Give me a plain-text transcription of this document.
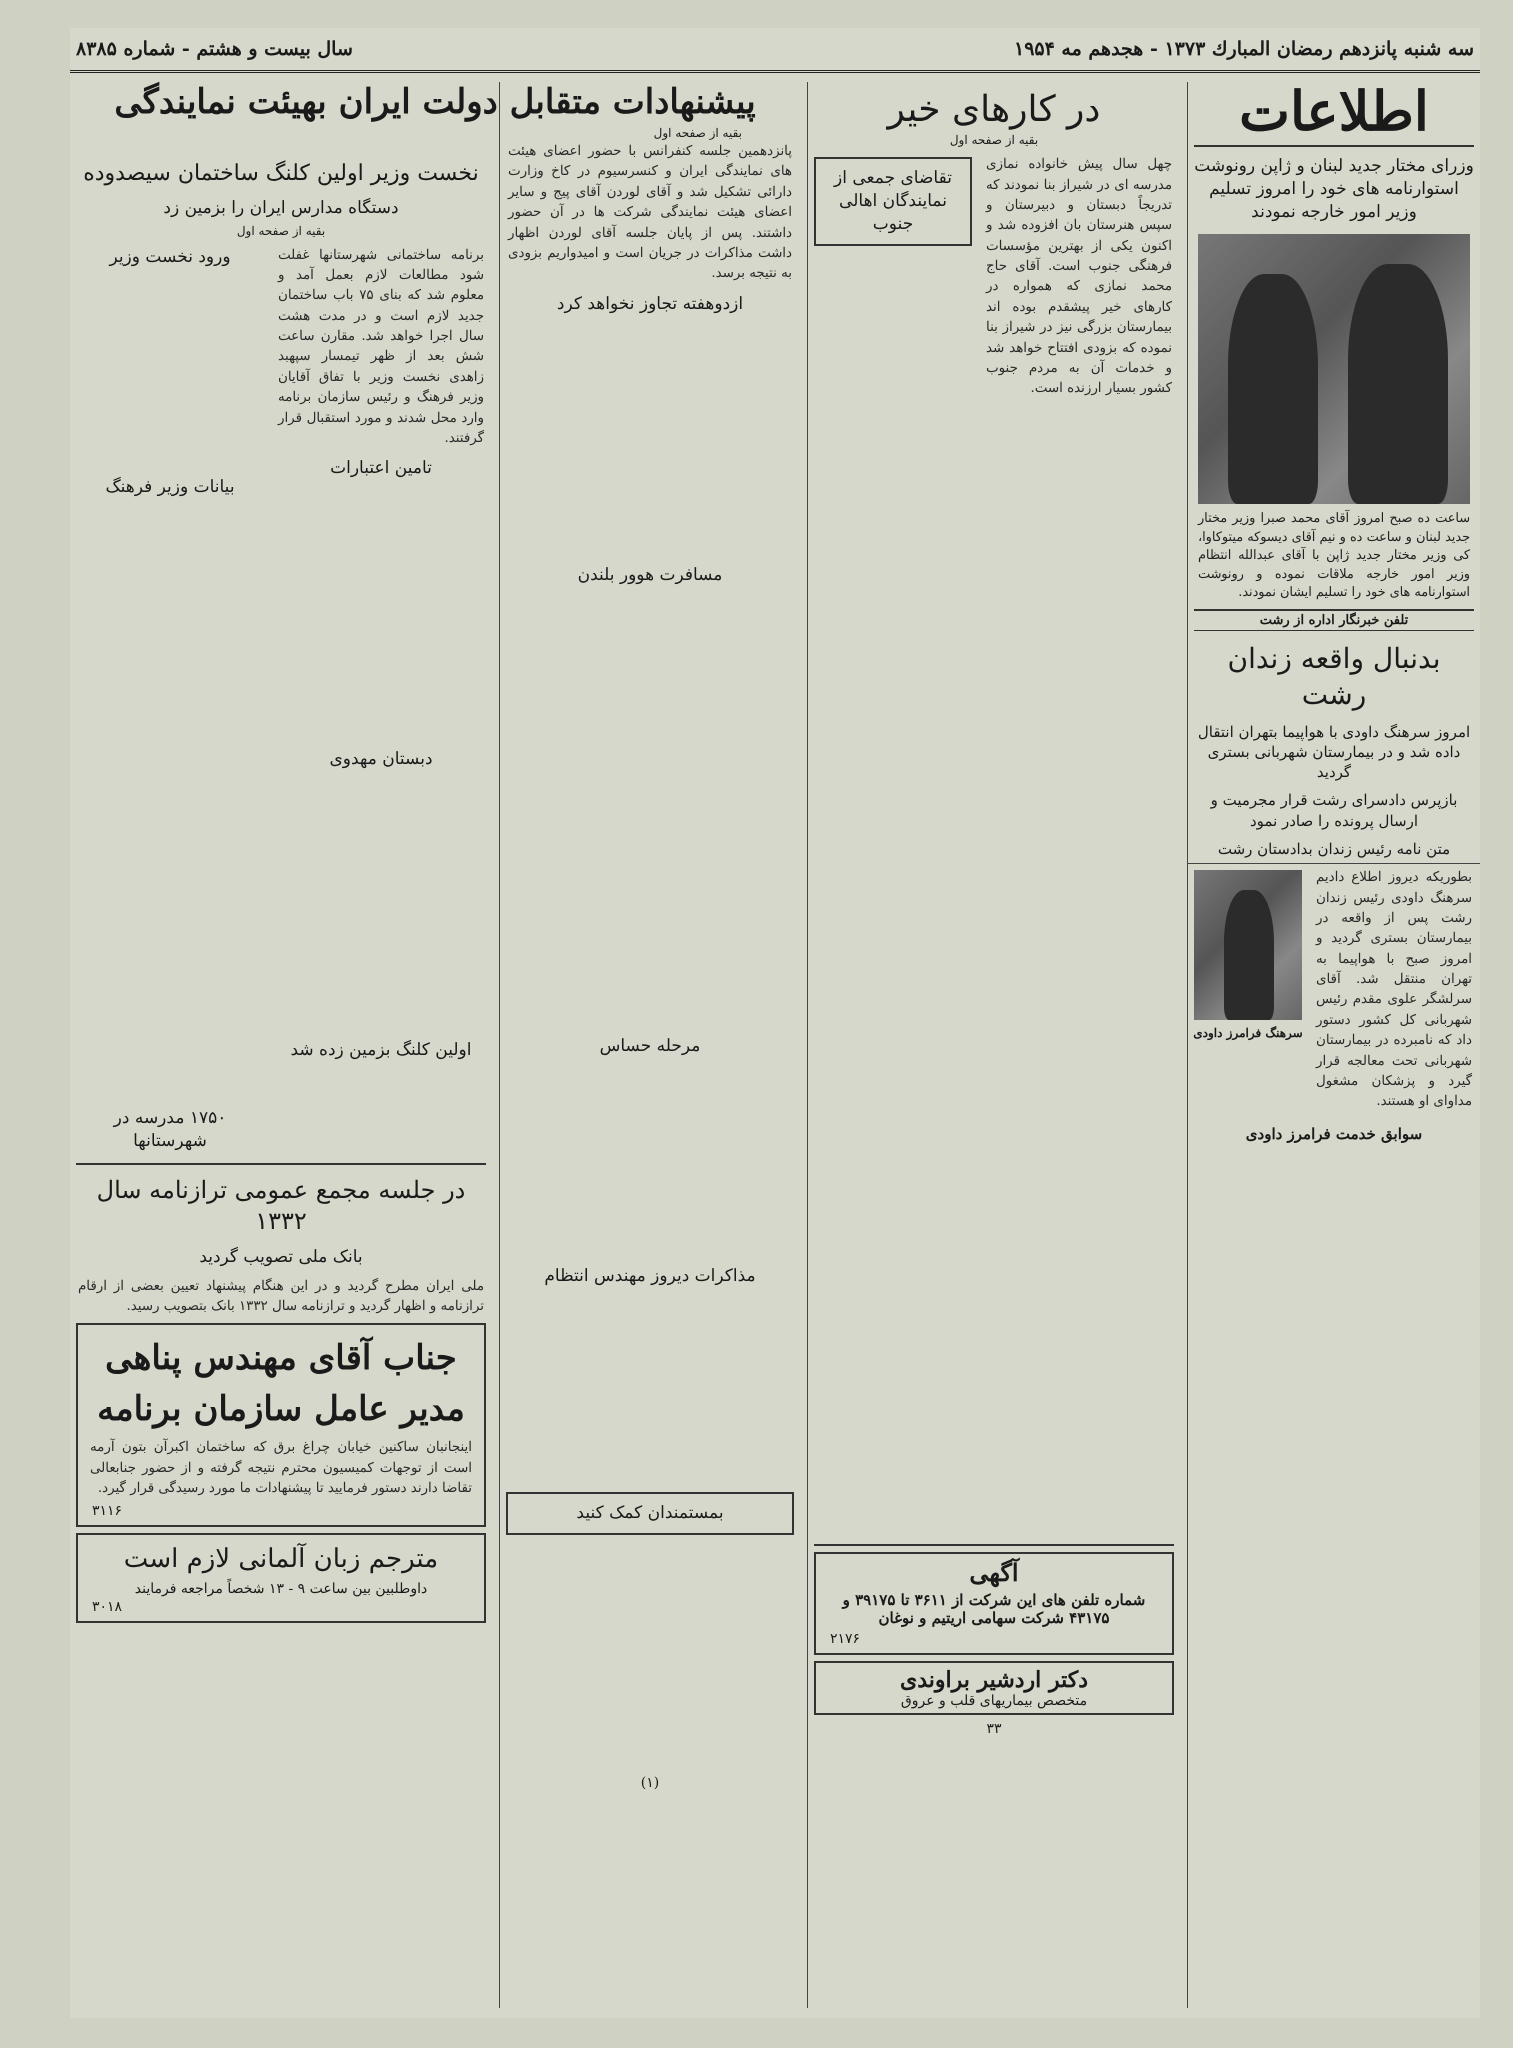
سه شنبه پانزدهم رمضان المبارك ۱۳۷۳ - هجدهم مه ۱۹۵۴
سال بیست و هشتم - شماره ۸۳۸۵
اطلاعات
وزرای مختار جدید لبنان و ژاپن رونوشت استوارنامه های خود را امروز تسلیم وزیر امور خارجه نمودند
ساعت ده صبح امروز آقای محمد صبرا وزیر مختار جدید لبنان و ساعت ده و نیم آقای دیسوکه میتوکاوا، کی وزیر مختار جدید ژاپن با آقای عبدالله انتظام وزیر امور خارجه ملاقات نموده و رونوشت استوارنامه های خود را تسلیم ایشان نمودند.
تلفن خبرنگار اداره از رشت
بدنبال واقعه زندان رشت
امروز سرهنگ داودی با هواپیما بتهران انتقال داده شد و در بیمارستان شهربانی بستری گردید
بازپرس دادسرای رشت قرار مجرمیت و ارسال پرونده را صادر نمود
متن نامه رئیس زندان بدادستان رشت
بطوریکه دیروز اطلاع دادیم سرهنگ داودی رئیس زندان رشت پس از واقعه در بیمارستان بستری گردید و امروز صبح با هواپیما به تهران منتقل شد. آقای سرلشگر علوی مقدم رئیس شهربانی کل کشور دستور داد که نامبرده در بیمارستان شهربانی تحت معالجه قرار گیرد و پزشکان مشغول مداوای او هستند.
سرهنگ فرامرز داودی
سوابق خدمت فرامرز داودی
در کارهای خیر
بقیه از صفحه اول
چهل سال پیش خانواده نمازی مدرسه ای در شیراز بنا نمودند که تدریجاً دبستان و دبیرستان و سپس هنرستان بان افزوده شد و اکنون یکی از بهترین مؤسسات فرهنگی جنوب است. آقای حاج محمد نمازی که همواره در کارهای خیر پیشقدم بوده اند بیمارستان بزرگی نیز در شیراز بنا نموده که بزودی افتتاح خواهد شد و خدمات آن به مردم جنوب کشور بسیار ارزنده است.
تقاضای جمعی از نمایندگان اهالی جنوب
آگهی
شماره تلفن های این شرکت از ۳۶۱۱ تا ۳۹۱۷۵ و ۴۳۱۷۵ شرکت سهامی اریتیم و نوغان
۲۱۷۶
دکتر اردشیر براوندی
متخصص بیماریهای قلب و عروق
۳۳
پانزدهمین جلسه کنفرانس با حضور اعضای هیئت های نمایندگی ایران و کنسرسیوم در کاخ وزارت دارائی تشکیل شد و آقای لوردن آقای پیج و سایر اعضای هیئت نمایندگی شرکت ها در آن حضور داشتند. پس از پایان جلسه آقای لوردن اظهار داشت مذاکرات در جریان است و امیدواریم بزودی به نتیجه برسد.
ازدوهفته تجاوز نخواهد کرد
مسافرت هوور بلندن
مرحله حساس
مذاکرات دیروز مهندس انتظام
بمستمندان کمک کنید
(۱)
پیشنهادات متقابل دولت ایران بهیئت نمایندگی
بقیه از صفحه اول
نخست وزیر اولین کلنگ ساختمان سیصدوده
دستگاه مدارس ایران را بزمین زد
بقیه از صفحه اول
برنامه ساختمانی شهرستانها غفلت شود مطالعات لازم بعمل آمد و معلوم شد که بنای ۷۵ باب ساختمان جدید لازم است و در مدت هشت سال اجرا خواهد شد. مقارن ساعت شش بعد از ظهر تیمسار سپهبد زاهدی نخست وزیر با تفاق آقایان وزیر فرهنگ و رئیس سازمان برنامه وارد محل شدند و مورد استقبال قرار گرفتند.
تامین اعتبارات
دبستان مهدوی
اولین کلنگ بزمین زده شد
ورود نخست وزیر
بیانات وزیر فرهنگ
۱۷۵۰ مدرسه در شهرستانها
در جلسه مجمع عمومی ترازنامه سال ۱۳۳۲
بانک ملی تصویب گردید
ملی ایران مطرح گردید و در این هنگام پیشنهاد تعیین بعضی از ارقام ترازنامه و اظهار گردید و ترازنامه سال ۱۳۳۲ بانک بتصویب رسید.
جناب آقای مهندس پناهی
مدیر عامل سازمان برنامه
اینجانبان ساکنین خیابان چراغ برق که ساختمان اکبرآن بتون آرمه است از توجهات کمیسیون محترم نتیجه گرفته و از حضور جنابعالی تقاضا دارند دستور فرمایید تا پیشنهادات ما مورد رسیدگی قرار گیرد.
۳۱۱۶
مترجم زبان آلمانی لازم است
داوطلبین بین ساعت ۹ - ۱۳ شخصاً مراجعه فرمایند
۳۰۱۸
